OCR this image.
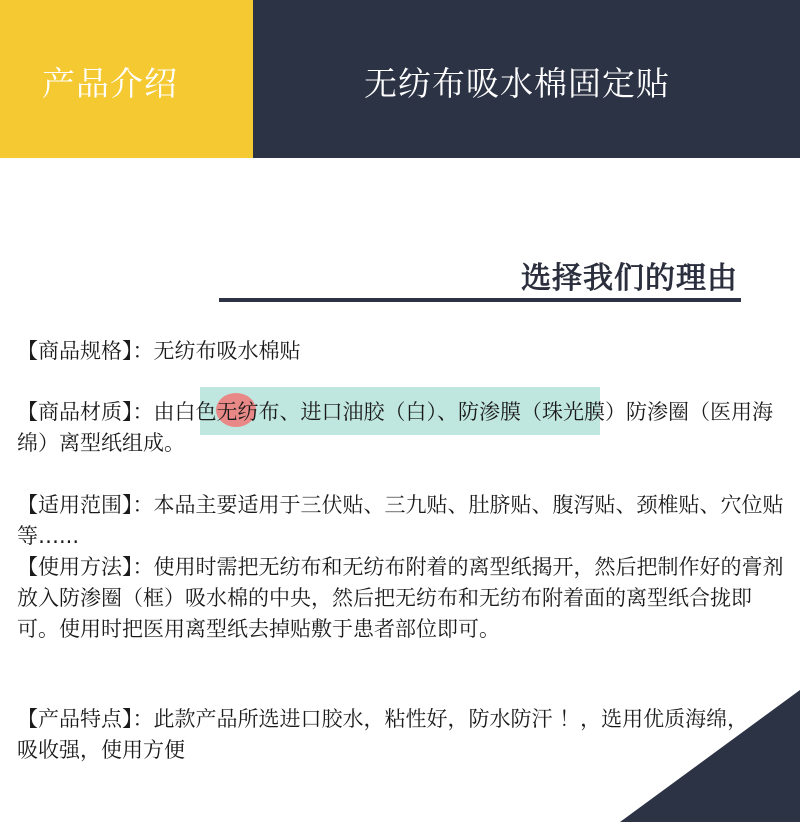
产品介绍	无纺布吸水棉固定贴
选择我们的理由

【商品规格】：无纺布吸水棉贴

【商品材质】：由白色无纺布、进口油胶（白）、防渗膜（珠光膜）防渗圈（医用海绵）离型纸组成。

【适用范围】：本品主要适用于三伏贴、三九贴、肚脐贴、腹泻贴、颈椎贴、穴位贴等…...

【使用方法】：使用时需把无纺布和无纺布附着的离型纸揭开，然后把制作好的膏剂放入防渗圈（框）吸水棉的中央，然后把无纺布和无纺布附着面的离型纸合拢即可。使用时把医用离型纸去掉贴敷于患者部位即可。

【产品特点】：此款产品所选进口胶水，粘性好，防水防汗 ！，选用优质海绵，吸收强，使用方便
